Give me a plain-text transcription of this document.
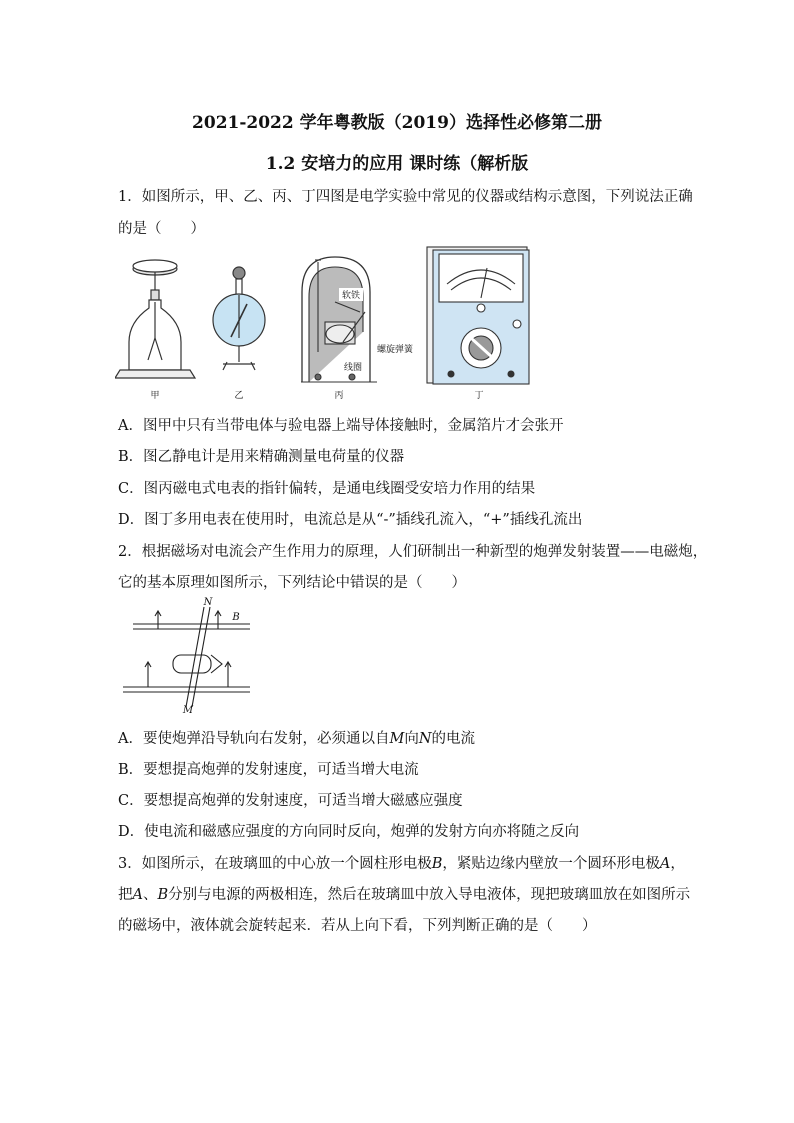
2021-2022 学年粤教版（2019）选择性必修第二册
1.2 安培力的应用 课时练（解析版
1．如图所示，甲、乙、丙、丁四图是电学实验中常见的仪器或结构示意图，下列说法正确
的是（　　）
甲	乙	丙	丁
软铁
螺旋弹簧
线圈
A．图甲中只有当带电体与验电器上端导体接触时，金属箔片才会张开
B．图乙静电计是用来精确测量电荷量的仪器
C．图丙磁电式电表的指针偏转，是通电线圈受安培力作用的结果
D．图丁多用电表在使用时，电流总是从“-”插线孔流入，“+”插线孔流出
2．根据磁场对电流会产生作用力的原理，人们研制出一种新型的炮弹发射装置——电磁炮，
它的基本原理如图所示，下列结论中错误的是（　　）
N
B
M
A．要使炮弹沿导轨向右发射，必须通以自M向N的电流
B．要想提高炮弹的发射速度，可适当增大电流
C．要想提高炮弹的发射速度，可适当增大磁感应强度
D．使电流和磁感应强度的方向同时反向，炮弹的发射方向亦将随之反向
3．如图所示，在玻璃皿的中心放一个圆柱形电极B，紧贴边缘内壁放一个圆环形电极A，
把A、B分别与电源的两极相连，然后在玻璃皿中放入导电液体，现把玻璃皿放在如图所示
的磁场中，液体就会旋转起来．若从上向下看，下列判断正确的是（　　）
